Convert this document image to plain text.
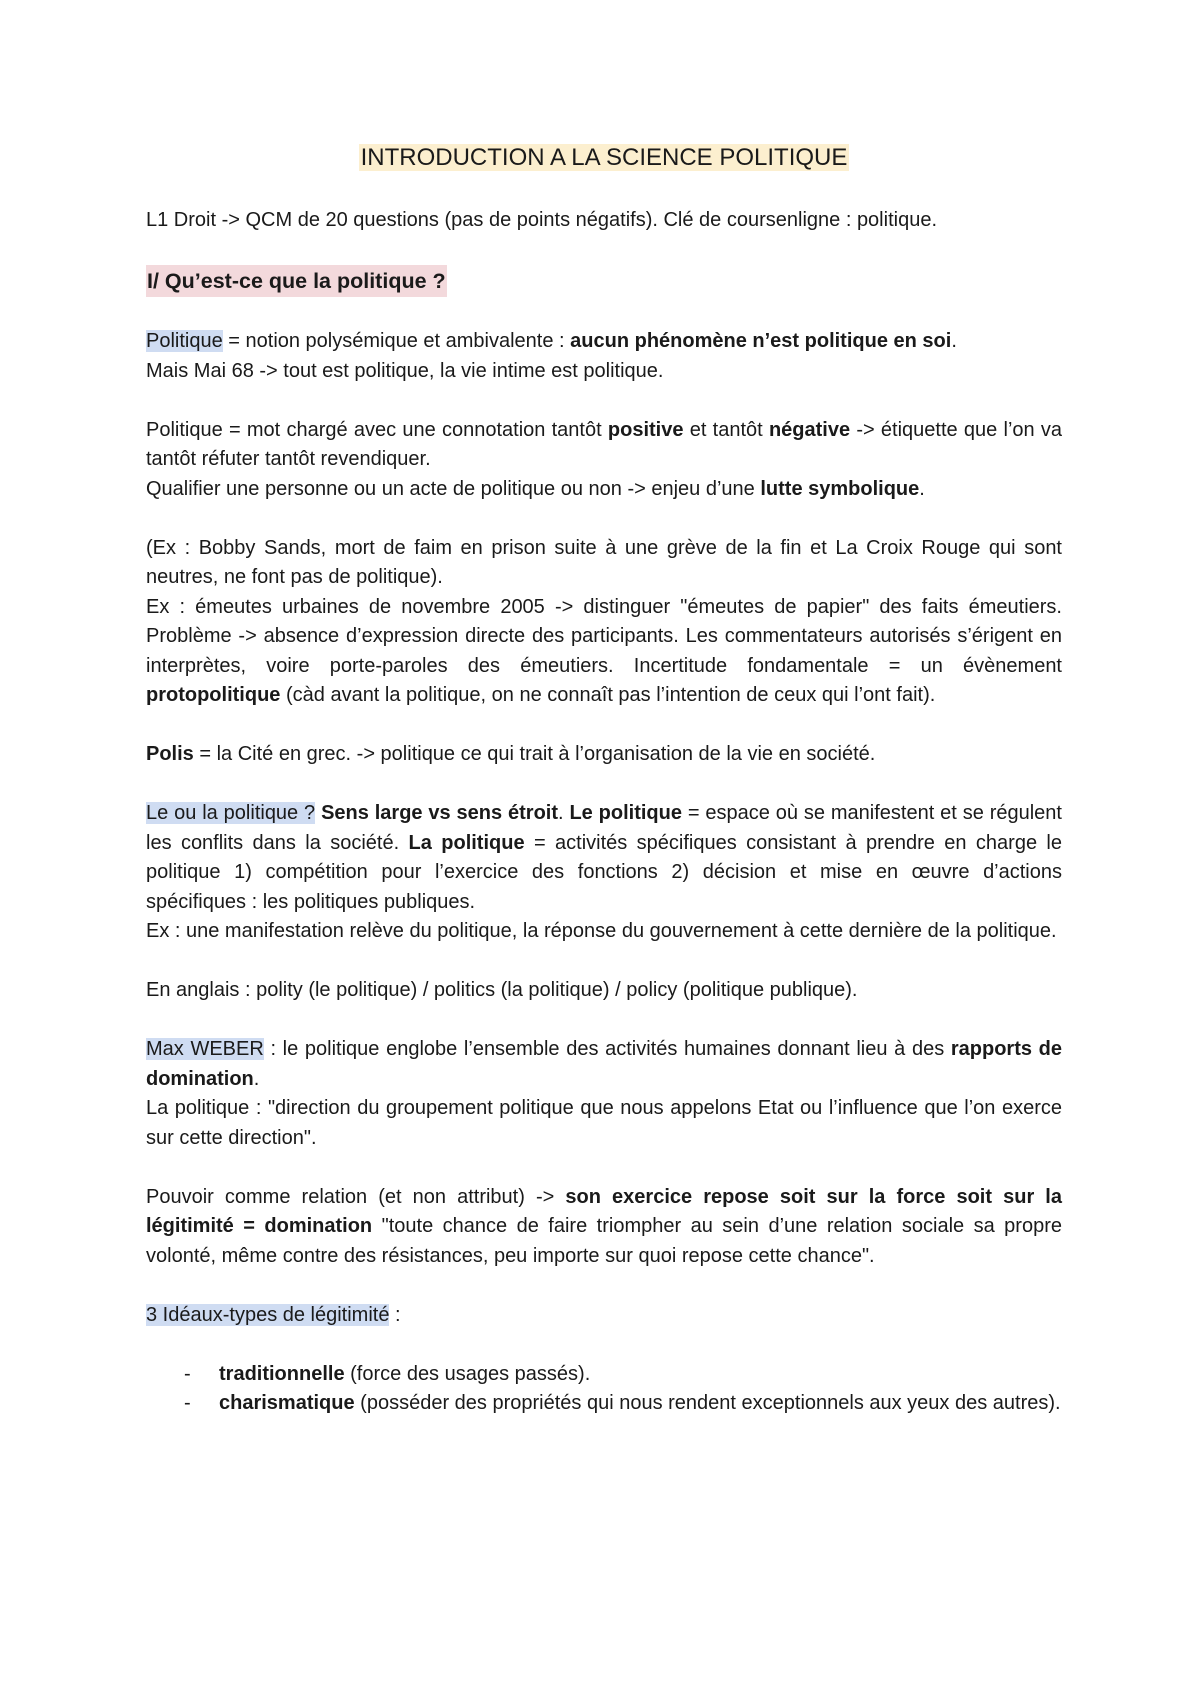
INTRODUCTION A LA SCIENCE POLITIQUE

L1 Droit -> QCM de 20 questions (pas de points négatifs). Clé de coursenligne : politique.

I/ Qu’est-ce que la politique ?

Politique = notion polysémique et ambivalente : aucun phénomène n’est politique en soi.

Mais Mai 68 -> tout est politique, la vie intime est politique.

Politique = mot chargé avec une connotation tantôt positive et tantôt négative -> étiquette que l’on va tantôt réfuter tantôt revendiquer.

Qualifier une personne ou un acte de politique ou non -> enjeu d’une lutte symbolique.

(Ex : Bobby Sands, mort de faim en prison suite à une grève de la fin et La Croix Rouge qui sont neutres, ne font pas de politique).

Ex : émeutes urbaines de novembre 2005 -> distinguer "émeutes de papier" des faits émeutiers. Problème -> absence d’expression directe des participants. Les commentateurs autorisés s’érigent en interprètes, voire porte-paroles des émeutiers. Incertitude fondamentale = un évènement protopolitique (càd avant la politique, on ne connaît pas l’intention de ceux qui l’ont fait).

Polis = la Cité en grec. -> politique ce qui trait à l’organisation de la vie en société.

Le ou la politique ? Sens large vs sens étroit. Le politique = espace où se manifestent et se régulent les conflits dans la société. La politique = activités spécifiques consistant à prendre en charge le politique 1) compétition pour l’exercice des fonctions 2) décision et mise en œuvre d’actions spécifiques : les politiques publiques.

Ex : une manifestation relève du politique, la réponse du gouvernement à cette dernière de la politique.

En anglais : polity (le politique) / politics (la politique) / policy (politique publique).

Max WEBER : le politique englobe l’ensemble des activités humaines donnant lieu à des rapports de domination.

La politique : "direction du groupement politique que nous appelons Etat ou l’influence que l’on exerce sur cette direction".

Pouvoir comme relation (et non attribut) -> son exercice repose soit sur la force soit sur la légitimité = domination "toute chance de faire triompher au sein d’une relation sociale sa propre volonté, même contre des résistances, peu importe sur quoi repose cette chance".

3 Idéaux-types de légitimité :

- traditionnelle (force des usages passés).
- charismatique (posséder des propriétés qui nous rendent exceptionnels aux yeux des autres).
